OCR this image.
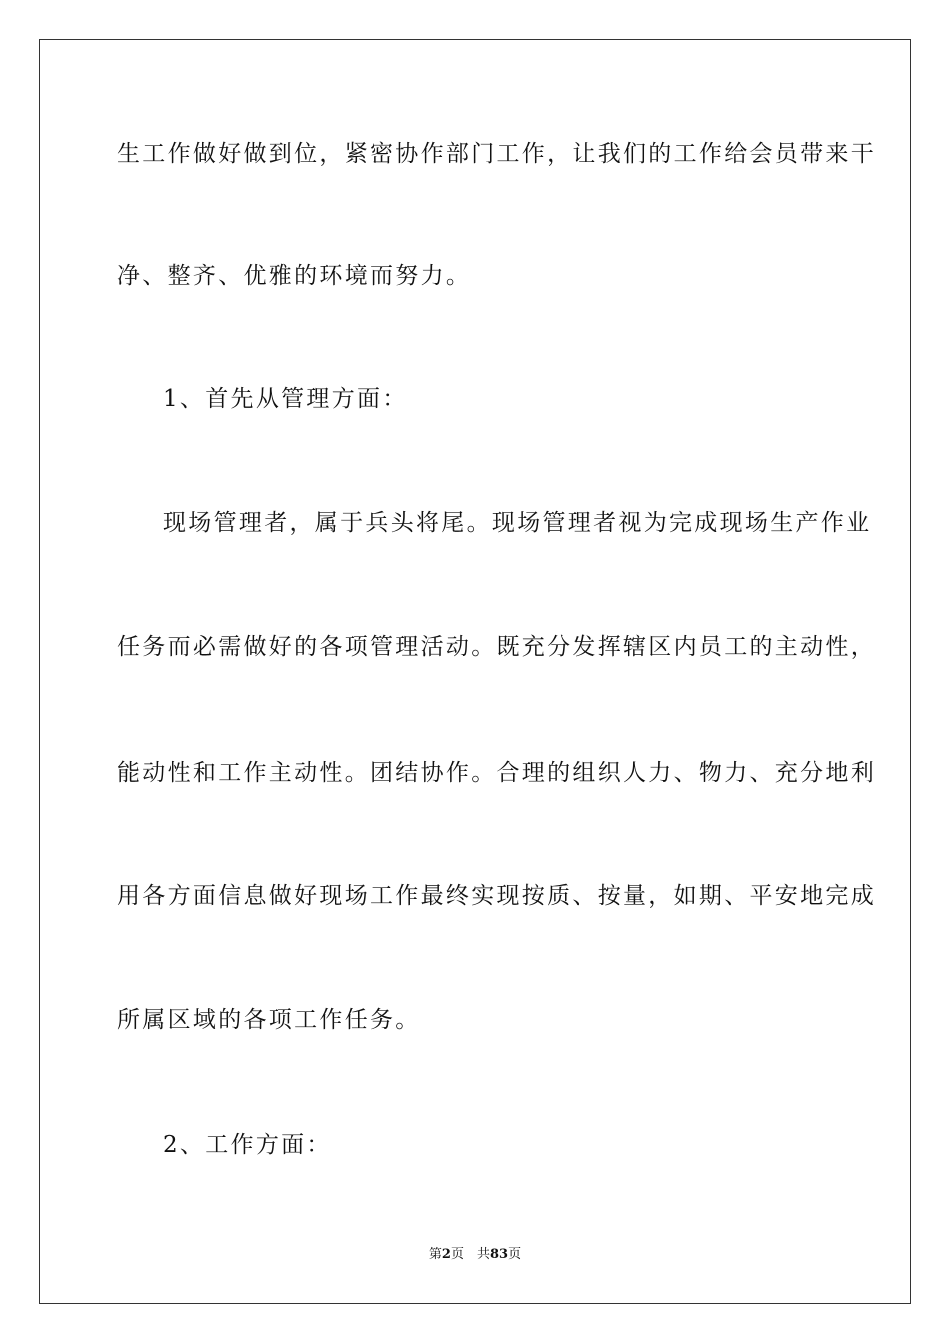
生工作做好做到位，紧密协作部门工作，让我们的工作给会员带来干

净、整齐、优雅的环境而努力。

1、首先从管理方面：

现场管理者，属于兵头将尾。现场管理者视为完成现场生产作业

任务而必需做好的各项管理活动。既充分发挥辖区内员工的主动性，

能动性和工作主动性。团结协作。合理的组织人力、物力、充分地利

用各方面信息做好现场工作最终实现按质、按量，如期、平安地完成

所属区域的各项工作任务。

2、工作方面：

第2页　共83页
